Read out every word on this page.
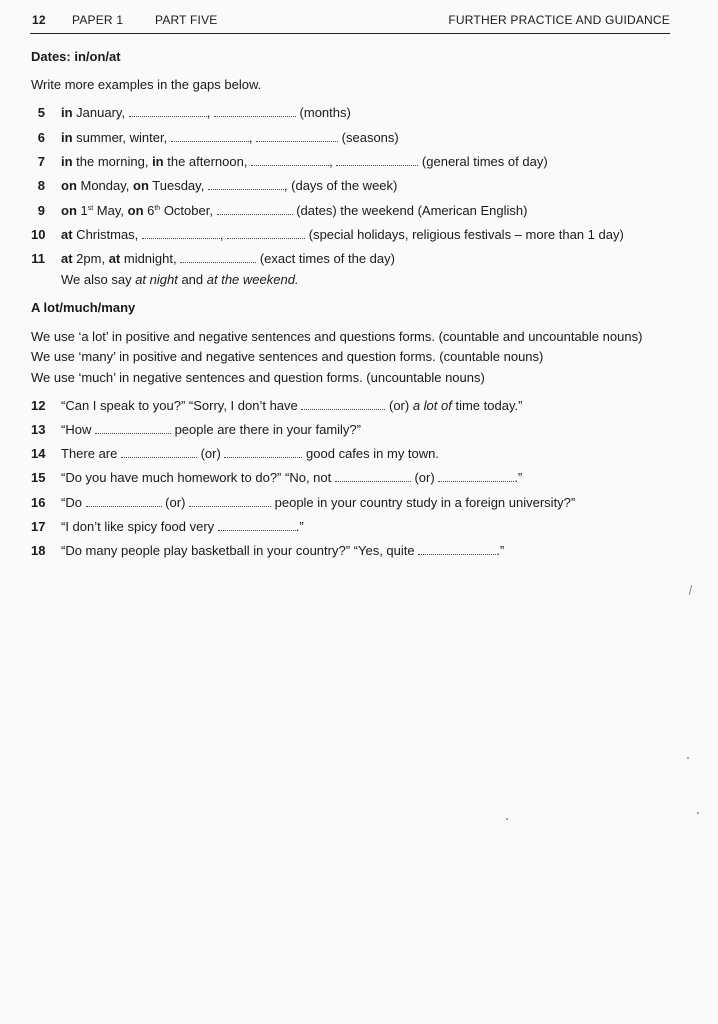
12 PAPER 1	PART FIVE	FURTHER PRACTICE AND GUIDANCE
Dates: in/on/at
Write more examples in the gaps below.
5 in January,	,	(months)
6 in summer, winter,	,	(seasons)
7 in the morning, in the afternoon,	,	(general times of day)
8 on Monday, on Tuesday,	, (days of the week)
9 on 1st May, on 6th October,	(dates) the weekend (American English)
10 at Christmas,	,	(special holidays, religious festivals – more than 1 day)
11 at 2pm, at midnight,	(exact times of the day)
We also say at night and at the weekend.
A lot/much/many
We use ‘a lot’ in positive and negative sentences and questions forms. (countable and uncountable nouns)
We use ‘many’ in positive and negative sentences and question forms. (countable nouns)
We use ‘much’ in negative sentences and question forms. (uncountable nouns)
12 “Can I speak to you?” “Sorry, I don’t have	(or) a lot of time today.”
13 “How	people are there in your family?”
14 There are	(or)	good cafes in my town.
15 “Do you have much homework to do?” “No, not	(or)	.”
16 “Do	(or)	people in your country study in a foreign university?”
17 “I don’t like spicy food very	.”
18 “Do many people play basketball in your country?” “Yes, quite	.”
